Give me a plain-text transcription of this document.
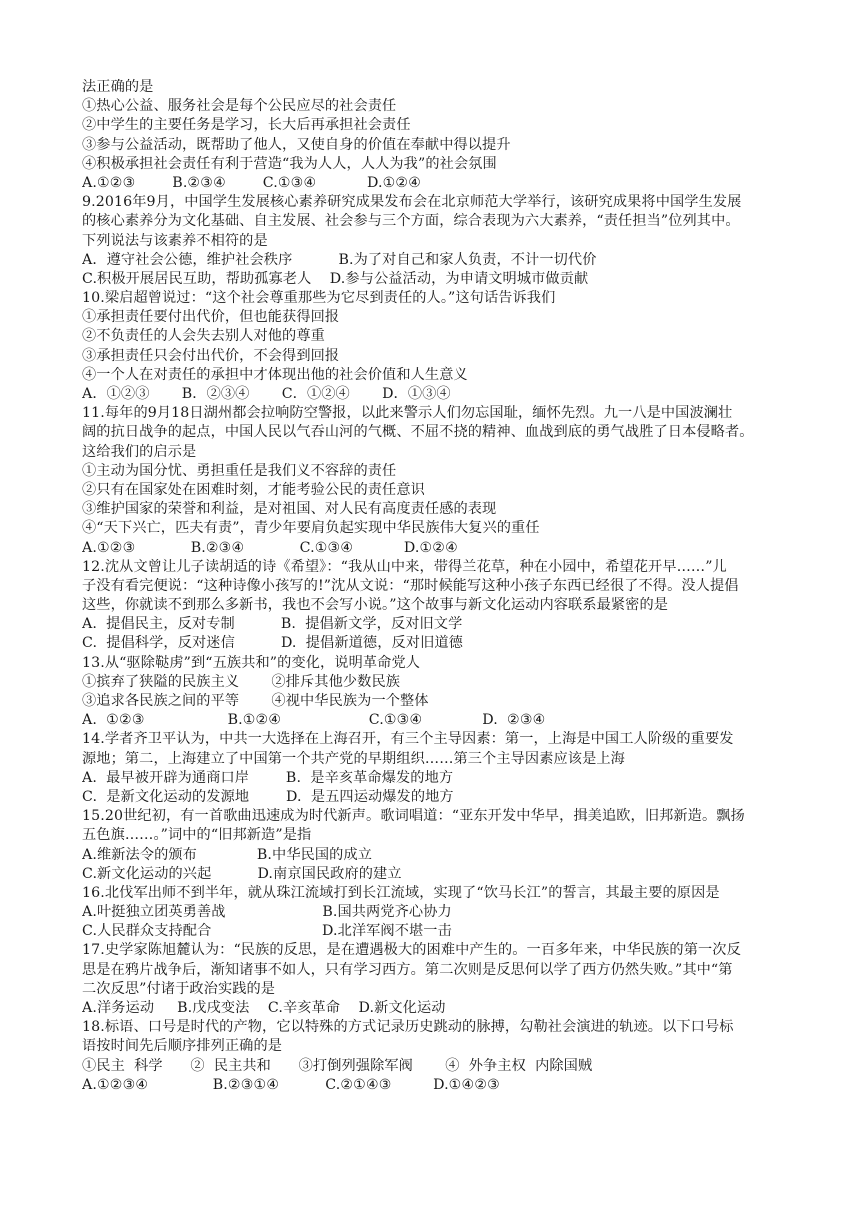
法正确的是
①热心公益、服务社会是每个公民应尽的社会责任
②中学生的主要任务是学习，长大后再承担社会责任
③参与公益活动，既帮助了他人，又使自身的价值在奉献中得以提升
④积极承担社会责任有利于营造“我为人人，人人为我”的社会氛围
A.①②③        B.②③④        C.①③④           D.①②④
9.2016年9月，中国学生发展核心素养研究成果发布会在北京师范大学举行，该研究成果将中国学生发展
的核心素养分为文化基础、自主发展、社会参与三个方面，综合表现为六大素养，“责任担当”位列其中。
下列说法与该素养不相符的是
A．遵守社会公德，维护社会秩序          B.为了对自己和家人负责，不计一切代价
C.积极开展居民互助，帮助孤寡老人    D.参与公益活动，为申请文明城市做贡献
10.梁启超曾说过：“这个社会尊重那些为它尽到责任的人。”这句话告诉我们
①承担责任要付出代价，但也能获得回报
②不负责任的人会失去别人对他的尊重
③承担责任只会付出代价，不会得到回报
④一个人在对责任的承担中才体现出他的社会价值和人生意义
A．①②③       B．②③④       C．①②④       D．①③④
11.每年的9月18日湖州都会拉响防空警报，以此来警示人们勿忘国耻，缅怀先烈。九一八是中国波澜壮
阔的抗日战争的起点，中国人民以气吞山河的气概、不屈不挠的精神、血战到底的勇气战胜了日本侵略者。
这给我们的启示是
①主动为国分忧、勇担重任是我们义不容辞的责任
②只有在国家处在困难时刻，才能考验公民的责任意识
③维护国家的荣誉和利益，是对祖国、对人民有高度责任感的表现
④“天下兴亡，匹夫有责”，青少年要肩负起实现中华民族伟大复兴的重任
A.①②③            B.②③④            C.①③④           D.①②④
12.沈从文曾让儿子读胡适的诗《希望》：“我从山中来，带得兰花草，种在小园中，希望花开早……”儿
子没有看完便说：“这种诗像小孩写的!”沈从文说：“那时候能写这种小孩子东西已经很了不得。没人提倡
这些，你就读不到那么多新书，我也不会写小说。”这个故事与新文化运动内容联系最紧密的是
A.  提倡民主，反对专制          B.  提倡新文学，反对旧文学
C.  提倡科学，反对迷信          D.  提倡新道德，反对旧道德
13.从“驱除鞑虏”到“五族共和”的变化，说明革命党人
①摈弃了狭隘的民族主义       ②排斥其他少数民族
③追求各民族之间的平等       ④视中华民族为一个整体
A.  ①②③                  B.①②④                   C.①③④             D.  ②③④
14.学者齐卫平认为，中共一大选择在上海召开，有三个主导因素：第一，上海是中国工人阶级的重要发
源地；第二，上海建立了中国第一个共产党的早期组织……第三个主导因素应该是上海
A.  最早被开辟为通商口岸        B.  是辛亥革命爆发的地方
C.  是新文化运动的发源地        D.  是五四运动爆发的地方
15.20世纪初，有一首歌曲迅速成为时代新声。歌词唱道：“亚东开发中华早，揖美追欧，旧邦新造。飘扬
五色旗……。”词中的“旧邦新造”是指
A.维新法令的颁布             B.中华民国的成立
C.新文化运动的兴起          D.南京国民政府的建立
16.北伐军出师不到半年，就从珠江流域打到长江流域，实现了“饮马长江”的誓言，其最主要的原因是
A.叶挺独立团英勇善战                     B.国共两党齐心协力
C.人民群众支持配合                        D.北洋军阀不堪一击
17.史学家陈旭麓认为：“民族的反思，是在遭遇极大的困难中产生的。一百多年来，中华民族的第一次反
思是在鸦片战争后，渐知诸事不如人，只有学习西方。第二次则是反思何以学了西方仍然失败。”其中“第
二次反思”付诸于政治实践的是
A.洋务运动     B.戊戌变法    C.辛亥革命    D.新文化运动
18.标语、口号是时代的产物，它以特殊的方式记录历史跳动的脉搏，勾勒社会演进的轨迹。以下口号标
语按时间先后顺序排列正确的是
①民主  科学      ②  民主共和      ③打倒列强除军阀       ④  外争主权  内除国贼
A.①②③④              B.②③①④          C.②①④③         D.①④②③
